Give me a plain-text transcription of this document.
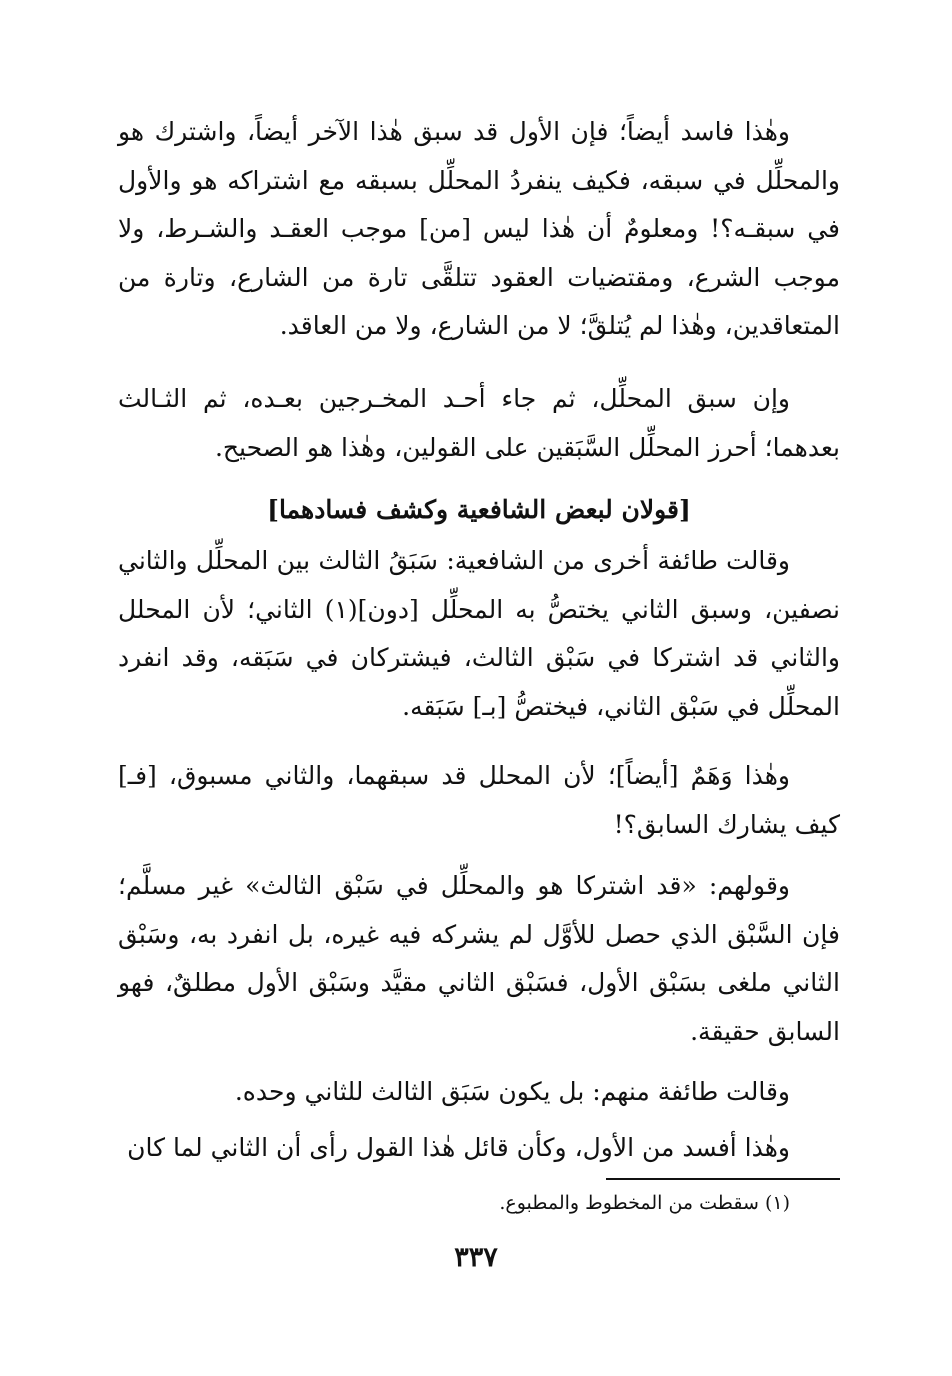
وهٰذا فاسد أيضاً؛ فإن الأول قد سبق هٰذا الآخر أيضاً، واشترك هو والمحلِّل في سبقه، فكيف ينفردُ المحلِّل بسبقه مع اشتراكه هو والأول في سبقـه؟! ومعلومٌ أن هٰذا ليس [من] موجب العقـد والشـرط، ولا موجب الشرع، ومقتضيات العقود تتلقَّى تارة من الشارع، وتارة من المتعاقدين، وهٰذا لم يُتلقَّ؛ لا من الشارع، ولا من العاقد.

وإن سبق المحلِّل، ثم جاء أحـد المخـرجين بعـده، ثم الثـالث بعدهما؛ أحرز المحلِّل السَّبَقين على القولين، وهٰذا هو الصحيح.

[قولان لبعض الشافعية وكشف فسادهما]

وقالت طائفة أخرى من الشافعية: سَبَقُ الثالث بين المحلِّل والثاني نصفين، وسبق الثاني يختصُّ به المحلِّل [دون](١) الثاني؛ لأن المحلل والثاني قد اشتركا في سَبْق الثالث، فيشتركان في سَبَقه، وقد انفرد المحلِّل في سَبْق الثاني، فيختصُّ [بـ] سَبَقه.

وهٰذا وَهَمٌ [أيضاً]؛ لأن المحلل قد سبقهما، والثاني مسبوق، [فـ] كيف يشارك السابق؟!

وقولهم: «قد اشتركا هو والمحلِّل في سَبْق الثالث» غير مسلَّم؛ فإن السَّبْق الذي حصل للأوَّل لم يشركه فيه غيره، بل انفرد به، وسَبْق الثاني ملغى بسَبْق الأول، فسَبْق الثاني مقيَّد وسَبْق الأول مطلقٌ، فهو السابق حقيقة.

وقالت طائفة منهم: بل يكون سَبَق الثالث للثاني وحده.

وهٰذا أفسد من الأول، وكأن قائل هٰذا القول رأى أن الثاني لما كان

(١) سقطت من المخطوط والمطبوع.

٣٣٧
